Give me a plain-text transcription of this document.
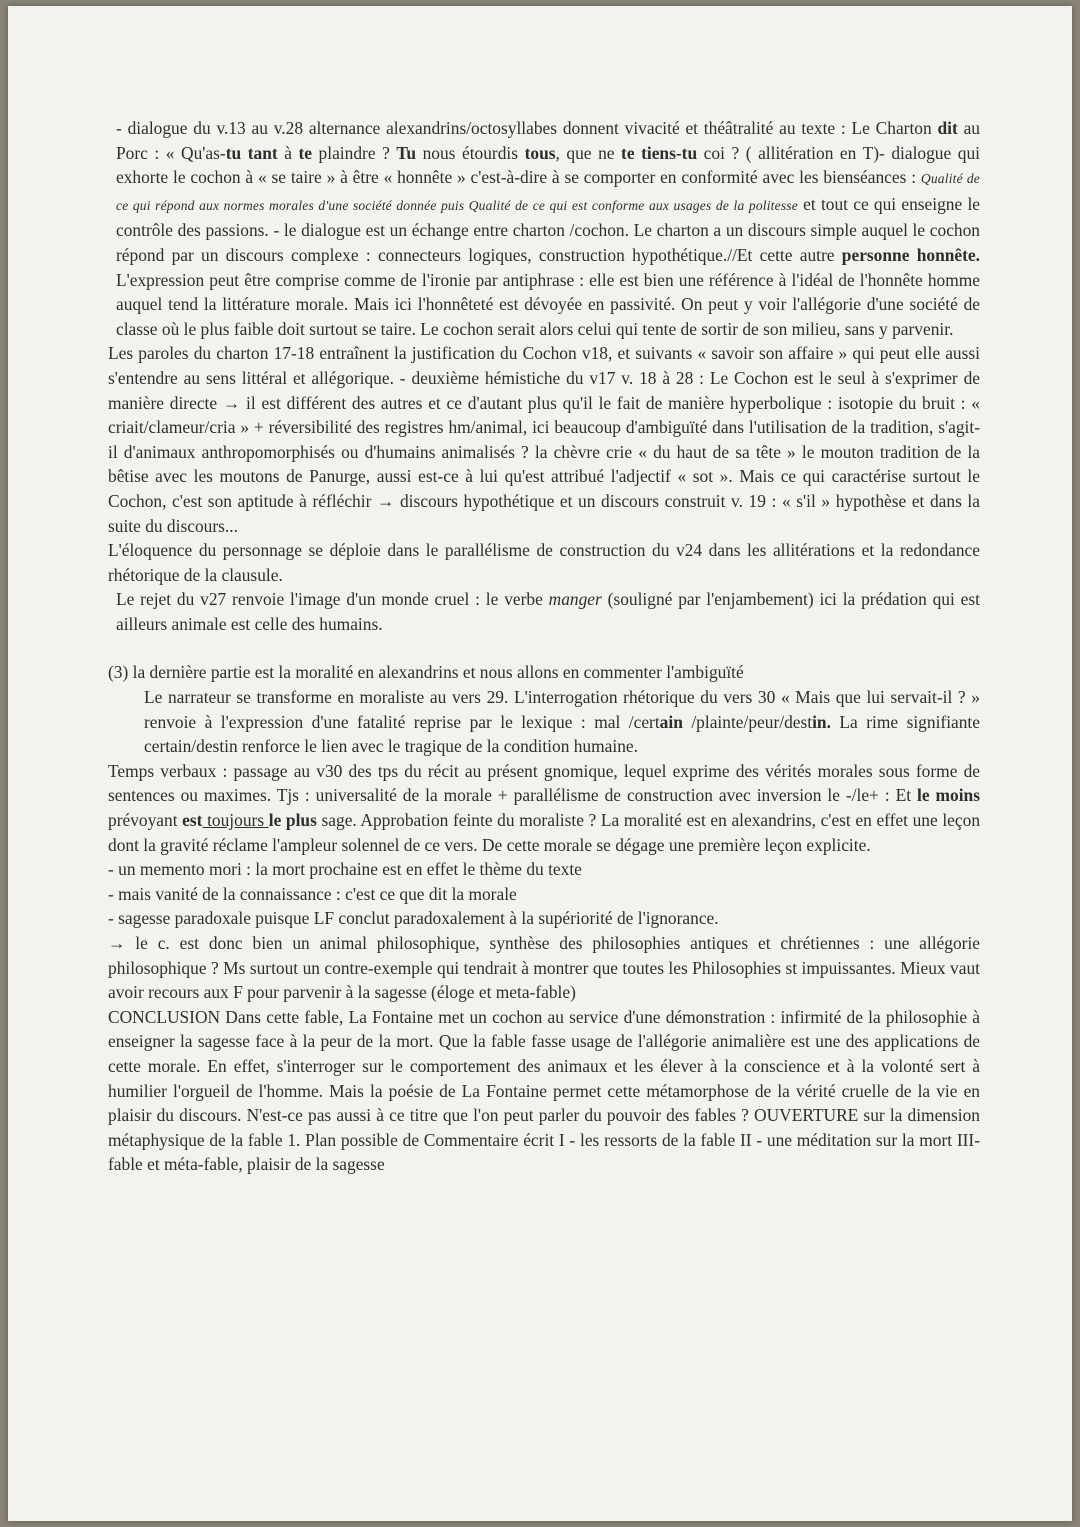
- dialogue du v.13 au v.28 alternance alexandrins/octosyllabes donnent vivacité et théâtralité au texte : Le Charton dit au Porc : « Qu'as-tu tant à te plaindre ? Tu nous étourdis tous, que ne te tiens-tu coi ? ( allitération en T)- dialogue qui exhorte le cochon à « se taire » à être « honnête » c'est-à-dire à se comporter en conformité avec les bienséances : Qualité de ce qui répond aux normes morales d'une société donnée puis Qualité de ce qui est conforme aux usages de la politesse et tout ce qui enseigne le contrôle des passions. - le dialogue est un échange entre charton /cochon. Le charton a un discours simple auquel le cochon répond par un discours complexe : connecteurs logiques, construction hypothétique.//Et cette autre personne honnête. L'expression peut être comprise comme de l'ironie par antiphrase : elle est bien une référence à l'idéal de l'honnête homme auquel tend la littérature morale. Mais ici l'honnêteté est dévoyée en passivité. On peut y voir l'allégorie d'une société de classe où le plus faible doit surtout se taire. Le cochon serait alors celui qui tente de sortir de son milieu, sans y parvenir.

Les paroles du charton 17-18 entraînent la justification du Cochon v18, et suivants « savoir son affaire » qui peut elle aussi s'entendre au sens littéral et allégorique. - deuxième hémistiche du v17 v. 18 à 28 : Le Cochon est le seul à s'exprimer de manière directe → il est différent des autres et ce d'autant plus qu'il le fait de manière hyperbolique : isotopie du bruit : « criait/clameur/cria » + réversibilité des registres hm/animal, ici beaucoup d'ambiguïté dans l'utilisation de la tradition, s'agit-il d'animaux anthropomorphisés ou d'humains animalisés ? la chèvre crie « du haut de sa tête » le mouton tradition de la bêtise avec les moutons de Panurge, aussi est-ce à lui qu'est attribué l'adjectif « sot ». Mais ce qui caractérise surtout le Cochon, c'est son aptitude à réfléchir → discours hypothétique et un discours construit v. 19 : « s'il » hypothèse et dans la suite du discours...

L'éloquence du personnage se déploie dans le parallélisme de construction du v24 dans les allitérations et la redondance rhétorique de la clausule.

Le rejet du v27 renvoie l'image d'un monde cruel : le verbe manger (souligné par l'enjambement) ici la prédation qui est ailleurs animale est celle des humains.

(3) la dernière partie est la moralité en alexandrins et nous allons en commenter l'ambiguïté

Le narrateur se transforme en moraliste au vers 29. L'interrogation rhétorique du vers 30 « Mais que lui servait-il ? » renvoie à l'expression d'une fatalité reprise par le lexique : mal /certain /plainte/peur/destin. La rime signifiante certain/destin renforce le lien avec le tragique de la condition humaine.

Temps verbaux : passage au v30 des tps du récit au présent gnomique, lequel exprime des vérités morales sous forme de sentences ou maximes. Tjs : universalité de la morale + parallélisme de construction avec inversion le -/le+ : Et le moins prévoyant est toujours le plus sage. Approbation feinte du moraliste ? La moralité est en alexandrins, c'est en effet une leçon dont la gravité réclame l'ampleur solennel de ce vers. De cette morale se dégage une première leçon explicite.

- un memento mori : la mort prochaine est en effet le thème du texte

- mais vanité de la connaissance : c'est ce que dit la morale

- sagesse paradoxale puisque LF conclut paradoxalement à la supériorité de l'ignorance.

→ le c. est donc bien un animal philosophique, synthèse des philosophies antiques et chrétiennes : une allégorie philosophique ? Ms surtout un contre-exemple qui tendrait à montrer que toutes les Philosophies st impuissantes. Mieux vaut avoir recours aux F pour parvenir à la sagesse (éloge et meta-fable)

CONCLUSION Dans cette fable, La Fontaine met un cochon au service d'une démonstration : infirmité de la philosophie à enseigner la sagesse face à la peur de la mort. Que la fable fasse usage de l'allégorie animalière est une des applications de cette morale. En effet, s'interroger sur le comportement des animaux et les élever à la conscience et à la volonté sert à humilier l'orgueil de l'homme. Mais la poésie de La Fontaine permet cette métamorphose de la vérité cruelle de la vie en plaisir du discours. N'est-ce pas aussi à ce titre que l'on peut parler du pouvoir des fables ? OUVERTURE sur la dimension métaphysique de la fable 1. Plan possible de Commentaire écrit I - les ressorts de la fable II - une méditation sur la mort III- fable et méta-fable, plaisir de la sagesse
